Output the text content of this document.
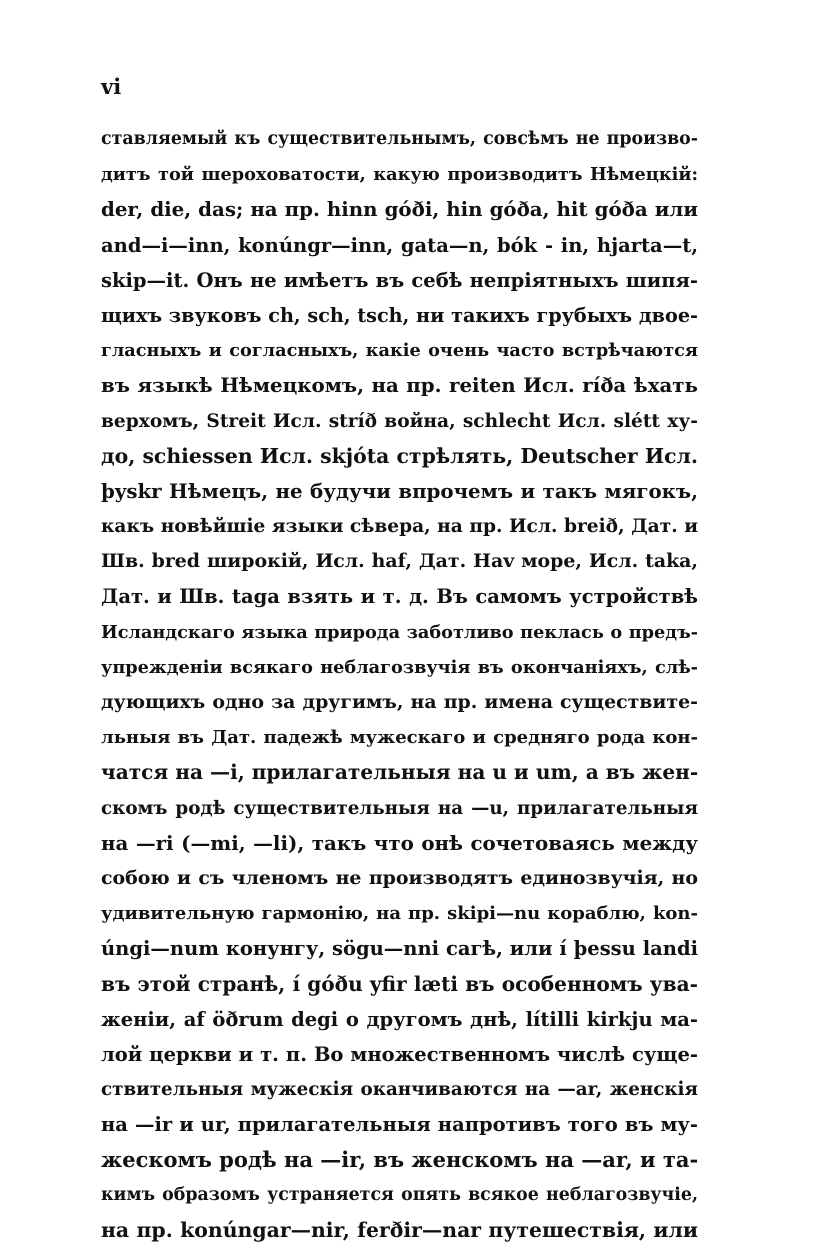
vi
ставляемый къ существительнымъ, совсѣмъ не произво-
дитъ той шероховатости, какую производитъ Нѣмецкій:
der, die, das; на пр. hinn góði, hin góða, hit góða или
and—i—inn, konúngr—inn, gata—n, bók - in, hjarta—t,
skip—it. Онъ не имѣетъ въ себѣ непріятныхъ шипя-
щихъ звуковъ ch, sch, tsch, ни такихъ грубыхъ двое-
гласныхъ и согласныхъ, какіе очень часто встрѣчаются
въ языкѣ Нѣмецкомъ, на пр. reiten Исл. ríða ѣхать
верхомъ, Streit Исл. stríð война, schlecht Исл. slétt ху-
до, schiessen Исл. skjóta стрѣлять, Deutscher Исл.
þyskr Нѣмецъ, не будучи впрочемъ и такъ мягокъ,
какъ новѣйшіе языки сѣвера, на пр. Исл. breið, Дат. и
Шв. bred широкій, Исл. haf, Дат. Hav море, Исл. taka,
Дат. и Шв. taga взять и т. д. Въ самомъ устройствѣ
Исландскаго языка природа заботливо пеклась о предъ-
упрежденіи всякаго неблагозвучія въ окончаніяхъ, слѣ-
дующихъ одно за другимъ, на пр. имена существите-
льныя въ Дат. падежѣ мужескаго и средняго рода кон-
чатся на —i, прилагательныя на u и um, а въ жен-
скомъ родѣ существительныя на —u, прилагательныя
на —ri (—mi, —li), такъ что онѣ сочетоваясь между
собою и съ членомъ не производятъ единозвучія, но
удивительную гармонію, на пр. skipi—nu кораблю, kon-
úngi—num конунгу, sögu—nni сагѣ, или í þessu landi
въ этой странѣ, í góðu yfir læti въ особенномъ ува-
женіи, af öðrum degi о другомъ днѣ, lítilli kirkju ма-
лой церкви и т. п. Во множественномъ числѣ суще-
ствительныя мужескія оканчиваются на —ar, женскія
на —ir и ur, прилагательныя напротивъ того въ му-
жескомъ родѣ на —ir, въ женскомъ на —ar, и та-
кимъ образомъ устраняется опять всякое неблагозвучіе,
на пр. konúngar—nir, ferðir—nar путешествія, или
